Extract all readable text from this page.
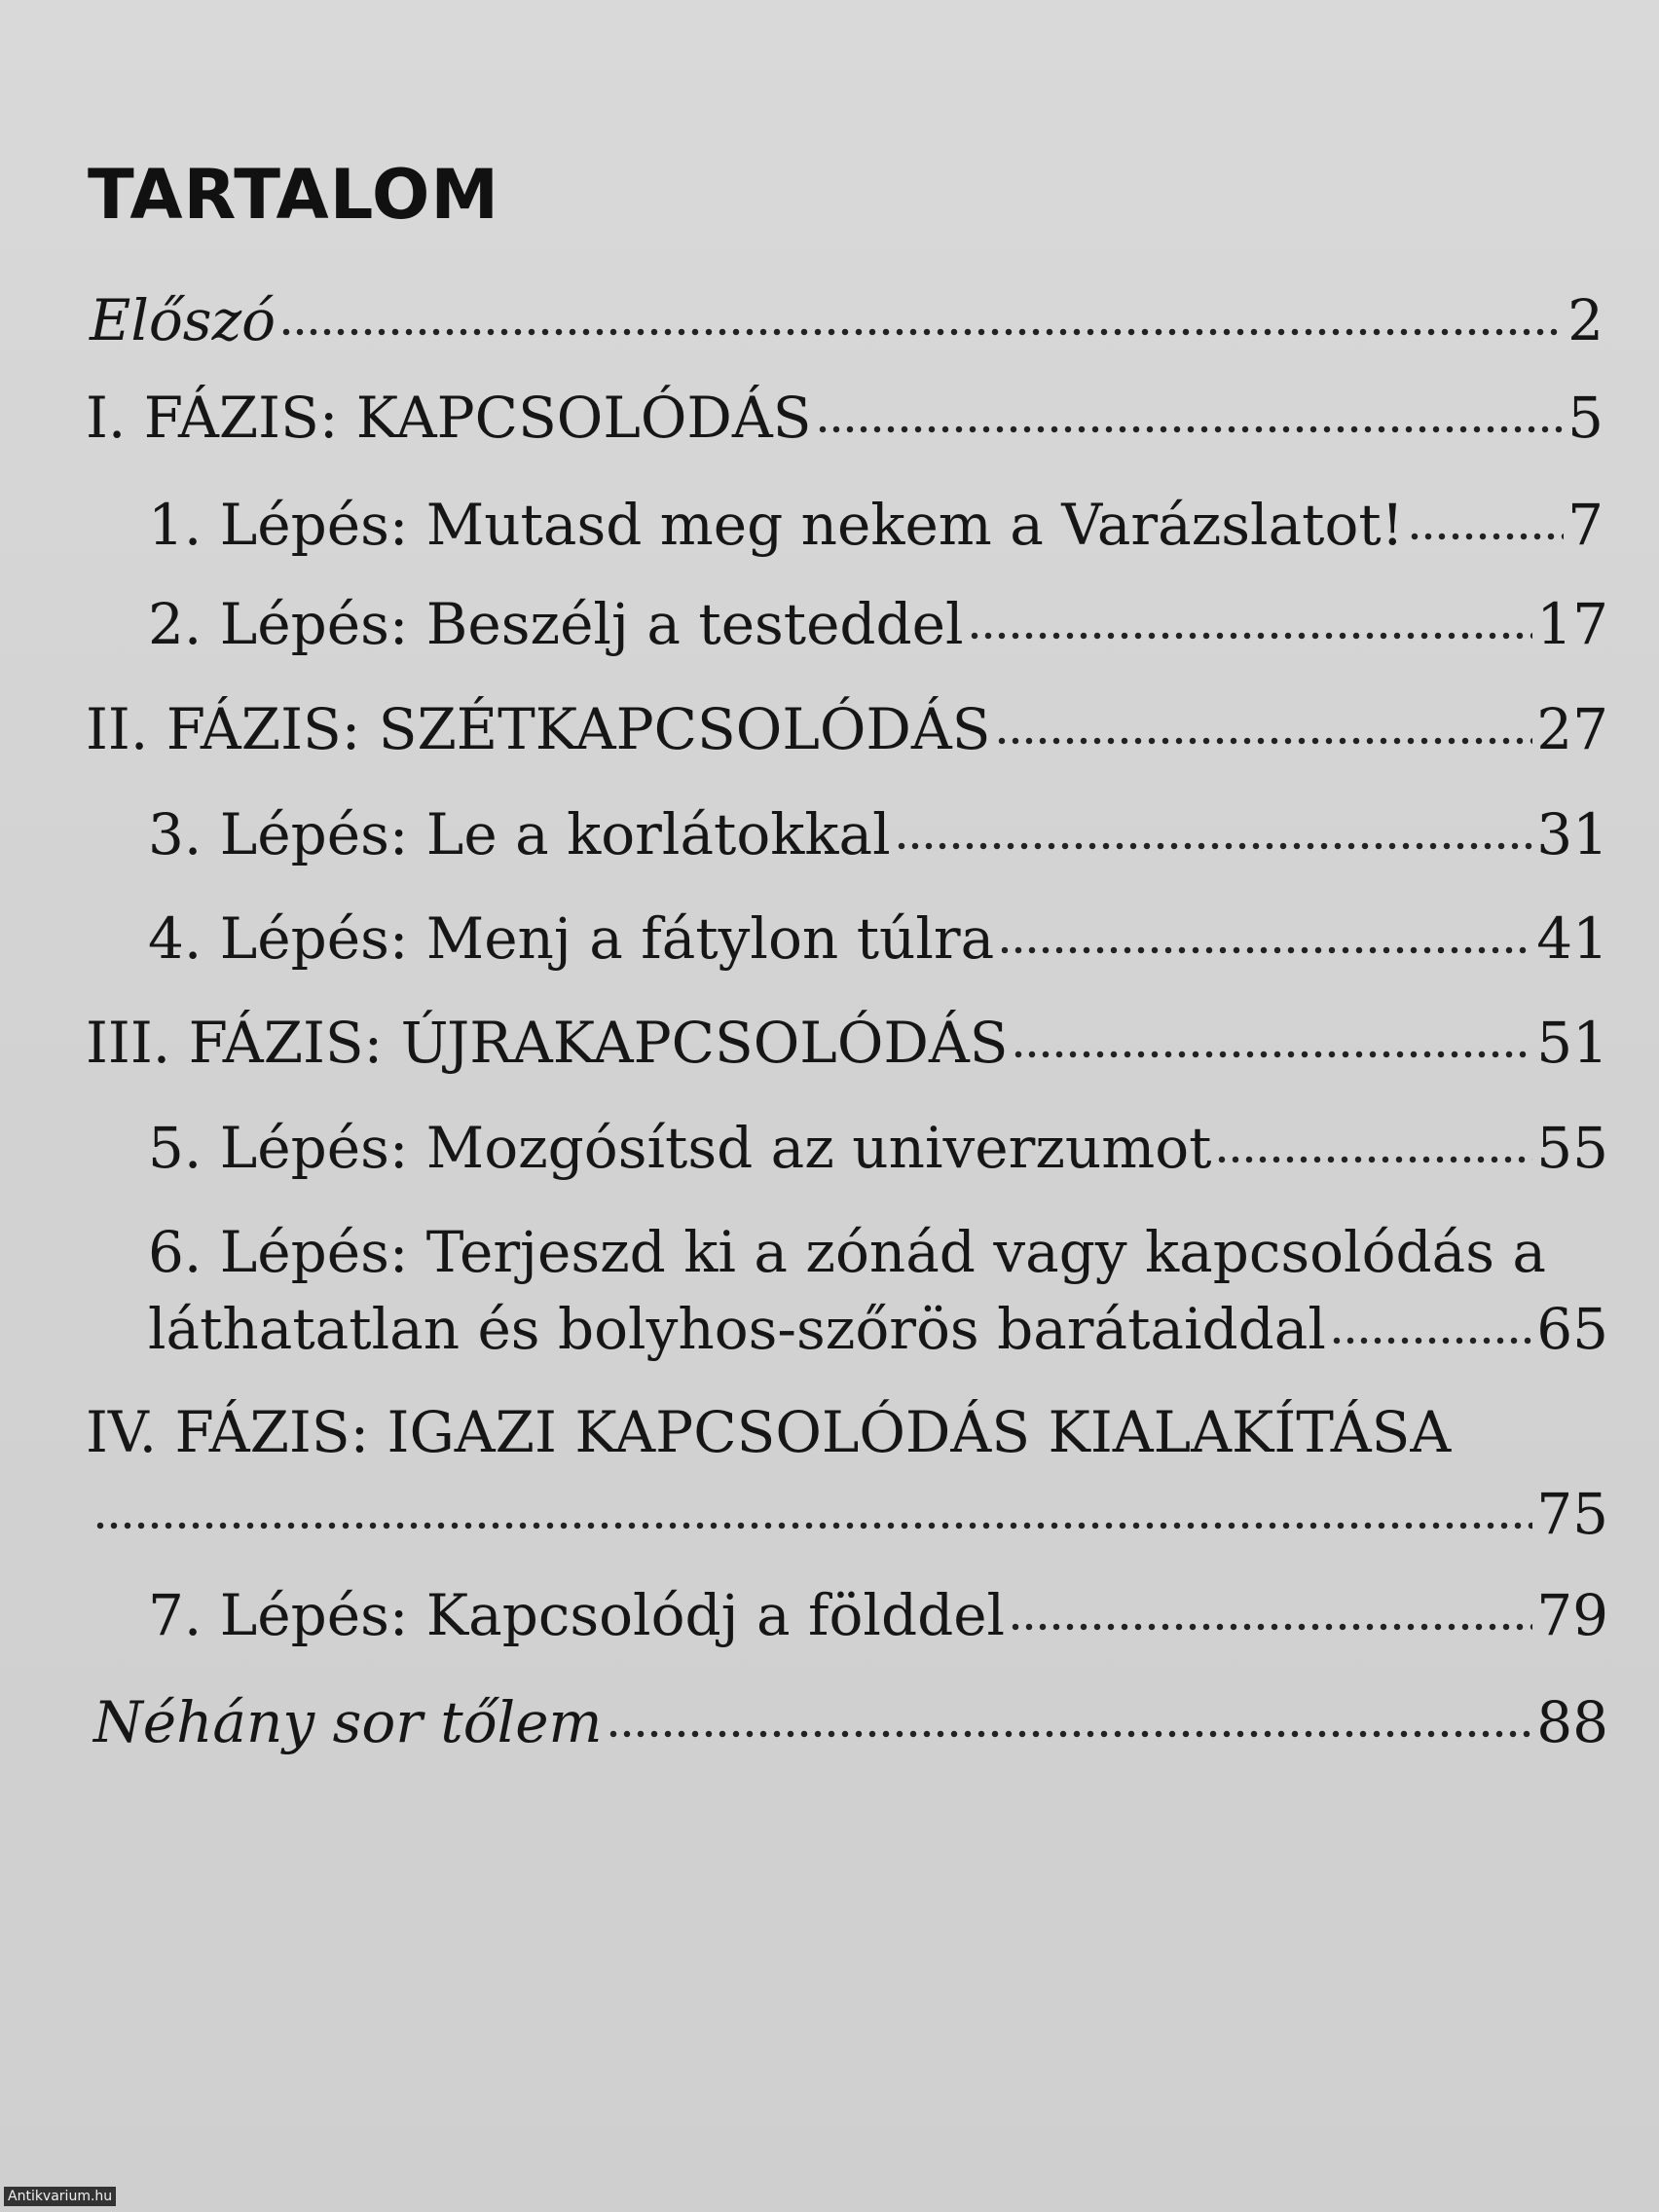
TARTALOM
Előszó	2
I. FÁZIS: KAPCSOLÓDÁS	5
1. Lépés: Mutasd meg nekem a Varázslatot!	7
2. Lépés: Beszélj a testeddel	17
II. FÁZIS: SZÉTKAPCSOLÓDÁS	27
3. Lépés: Le a korlátokkal	31
4. Lépés: Menj a fátylon túlra	41
III. FÁZIS: ÚJRAKAPCSOLÓDÁS	51
5. Lépés: Mozgósítsd az univerzumot	55
6. Lépés: Terjeszd ki a zónád vagy kapcsolódás a
láthatatlan és bolyhos-szőrös barátaiddal	65
IV. FÁZIS: IGAZI KAPCSOLÓDÁS KIALAKÍTÁSA
75
7. Lépés: Kapcsolódj a földdel	79
Néhány sor tőlem	88
Antikvarium.hu
